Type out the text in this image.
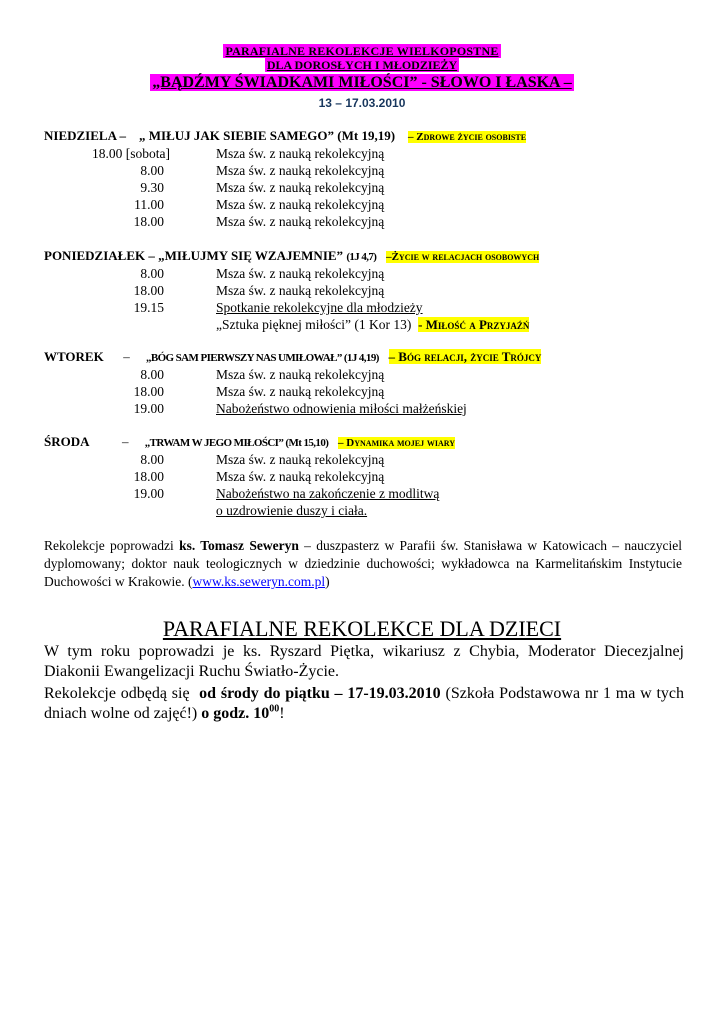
PARAFIALNE REKOLEKCJE WIELKOPOSTNE
DLA DOROSŁYCH I MŁODZIEŻY
„BĄDŹMY ŚWIADKAMI MIŁOŚCI” - SŁOWO I ŁASKA –
13 – 17.03.2010
NIEDZIELA – „ MIŁUJ JAK SIEBIE SAMEGO” (Mt 19,19) – Zdrowe życie osobiste
18.00 [sobota]	Msza św. z nauką rekolekcyjną
8.00	Msza św. z nauką rekolekcyjną
9.30	Msza św. z nauką rekolekcyjną
11.00	Msza św. z nauką rekolekcyjną
18.00	Msza św. z nauką rekolekcyjną
PONIEDZIAŁEK – „MIŁUJMY SIĘ WZAJEMNIE” (1J 4,7) –Życie w relacjach osobowych
8.00	Msza św. z nauką rekolekcyjną
18.00	Msza św. z nauką rekolekcyjną
19.15	Spotkanie rekolekcyjne dla młodzieży
„Sztuka pięknej miłości” (1 Kor 13) - Miłość a Przyjaźń
WTOREK – „BÓG SAM PIERWSZY NAS UMIŁOWAŁ” (1J 4,19) – Bóg relacji, życie Trójcy
8.00	Msza św. z nauką rekolekcyjną
18.00	Msza św. z nauką rekolekcyjną
19.00	Nabożeństwo odnowienia miłości małżeńskiej
ŚRODA	– „TRWAM W JEGO MIŁOŚCI” (Mt 15,10) – Dynamika mojej wiary
8.00	Msza św. z nauką rekolekcyjną
18.00	Msza św. z nauką rekolekcyjną
19.00	Nabożeństwo na zakończenie z modlitwą
o uzdrowienie duszy i ciała.
Rekolekcje poprowadzi ks. Tomasz Seweryn – duszpasterz w Parafii św. Stanisława w Katowicach – nauczyciel dyplomowany; doktor nauk teologicznych w dziedzinie duchowości; wykładowca na Karmelitańskim Instytucie Duchowości w Krakowie. (www.ks.seweryn.com.pl)
PARAFIALNE REKOLEKCE DLA DZIECI
W tym roku poprowadzi je ks. Ryszard Piętka, wikariusz z Chybia, Moderator Diecezjalnej Diakonii Ewangelizacji Ruchu Światło-Życie.
Rekolekcje odbędą się od środy do piątku – 17-19.03.2010 (Szkoła Podstawowa nr 1 ma w tych dniach wolne od zajęć!) o godz. $10^{00}$!
